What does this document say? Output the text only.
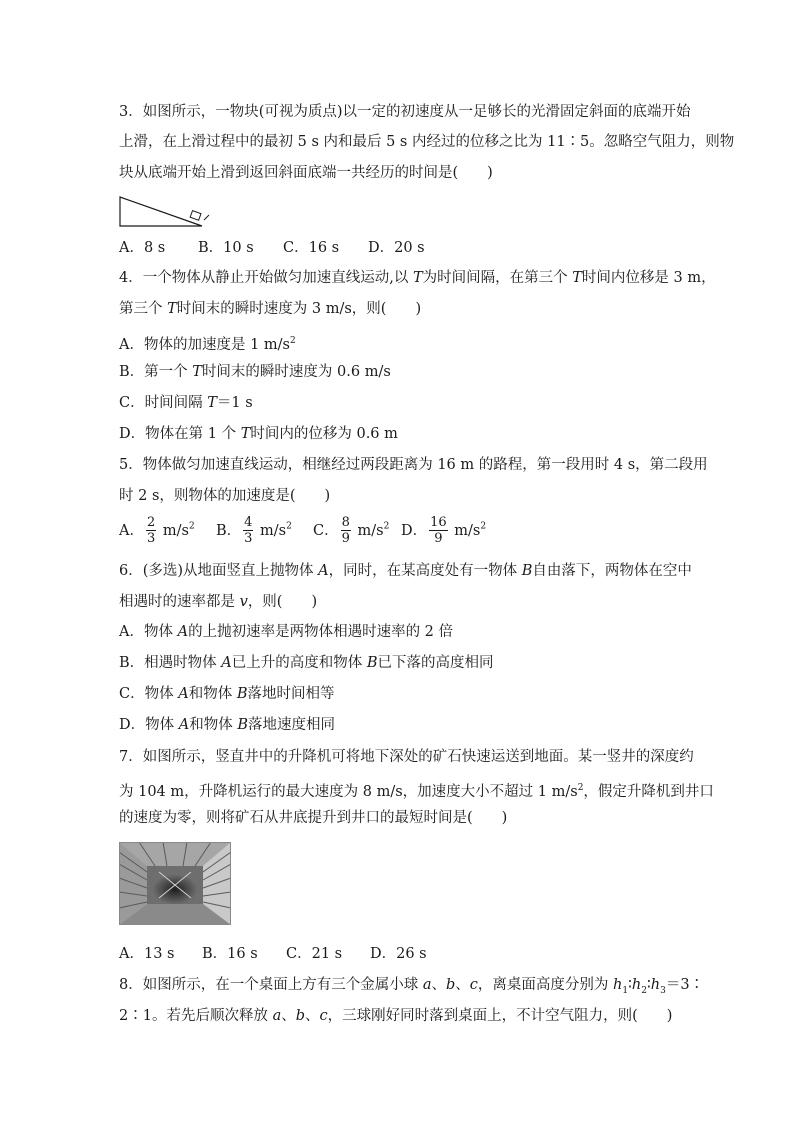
3．如图所示，一物块(可视为质点)以一定的初速度从一足够长的光滑固定斜面的底端开始
上滑，在上滑过程中的最初 5 s 内和最后 5 s 内经过的位移之比为 11∶5。忽略空气阻力，则物
块从底端开始上滑到返回斜面底端一共经历的时间是(　　)
A．8 s B．10 s C．16 s D．20 s
4．一个物体从静止开始做匀加速直线运动,以 T为时间间隔，在第三个 T时间内位移是 3 m，
第三个 T时间末的瞬时速度为 3 m/s，则(　　)
A．物体的加速度是 1 $m/s^2$
B．第一个 T时间末的瞬时速度为 0.6 m/s
C．时间间隔 T＝1 s
D．物体在第 1 个 T时间内的位移为 0.6 m
5．物体做匀加速直线运动，相继经过两段距离为 16 m 的路程，第一段用时 4 s，第二段用
时 2 s，则物体的加速度是(　　)
A． $\frac{2}{3} m/s^2$ B． $\frac{4}{3} m/s^2$ C． $\frac{8}{9} m/s^2$ D． $\frac{16}{9} m/s^2$
6．(多选)从地面竖直上抛物体 A，同时，在某高度处有一物体 B自由落下，两物体在空中
相遇时的速率都是 v，则(　　)
A．物体 A的上抛初速率是两物体相遇时速率的 2 倍
B．相遇时物体 A已上升的高度和物体 B已下落的高度相同
C．物体 A和物体 B落地时间相等
D．物体 A和物体 B落地速度相同
7．如图所示，竖直井中的升降机可将地下深处的矿石快速运送到地面。某一竖井的深度约
为 104 m，升降机运行的最大速度为 8 m/s，加速度大小不超过 1 $m/s^2$，假定升降机到井口
的速度为零，则将矿石从井底提升到井口的最短时间是(　　)
A．13 s B．16 s C．21 s D．26 s
8．如图所示，在一个桌面上方有三个金属小球 a、b、c，离桌面高度分别为 $h_1∶h_2∶h_3=3∶$
2∶1。若先后顺次释放 a、b、c，三球刚好同时落到桌面上，不计空气阻力，则(　　)
